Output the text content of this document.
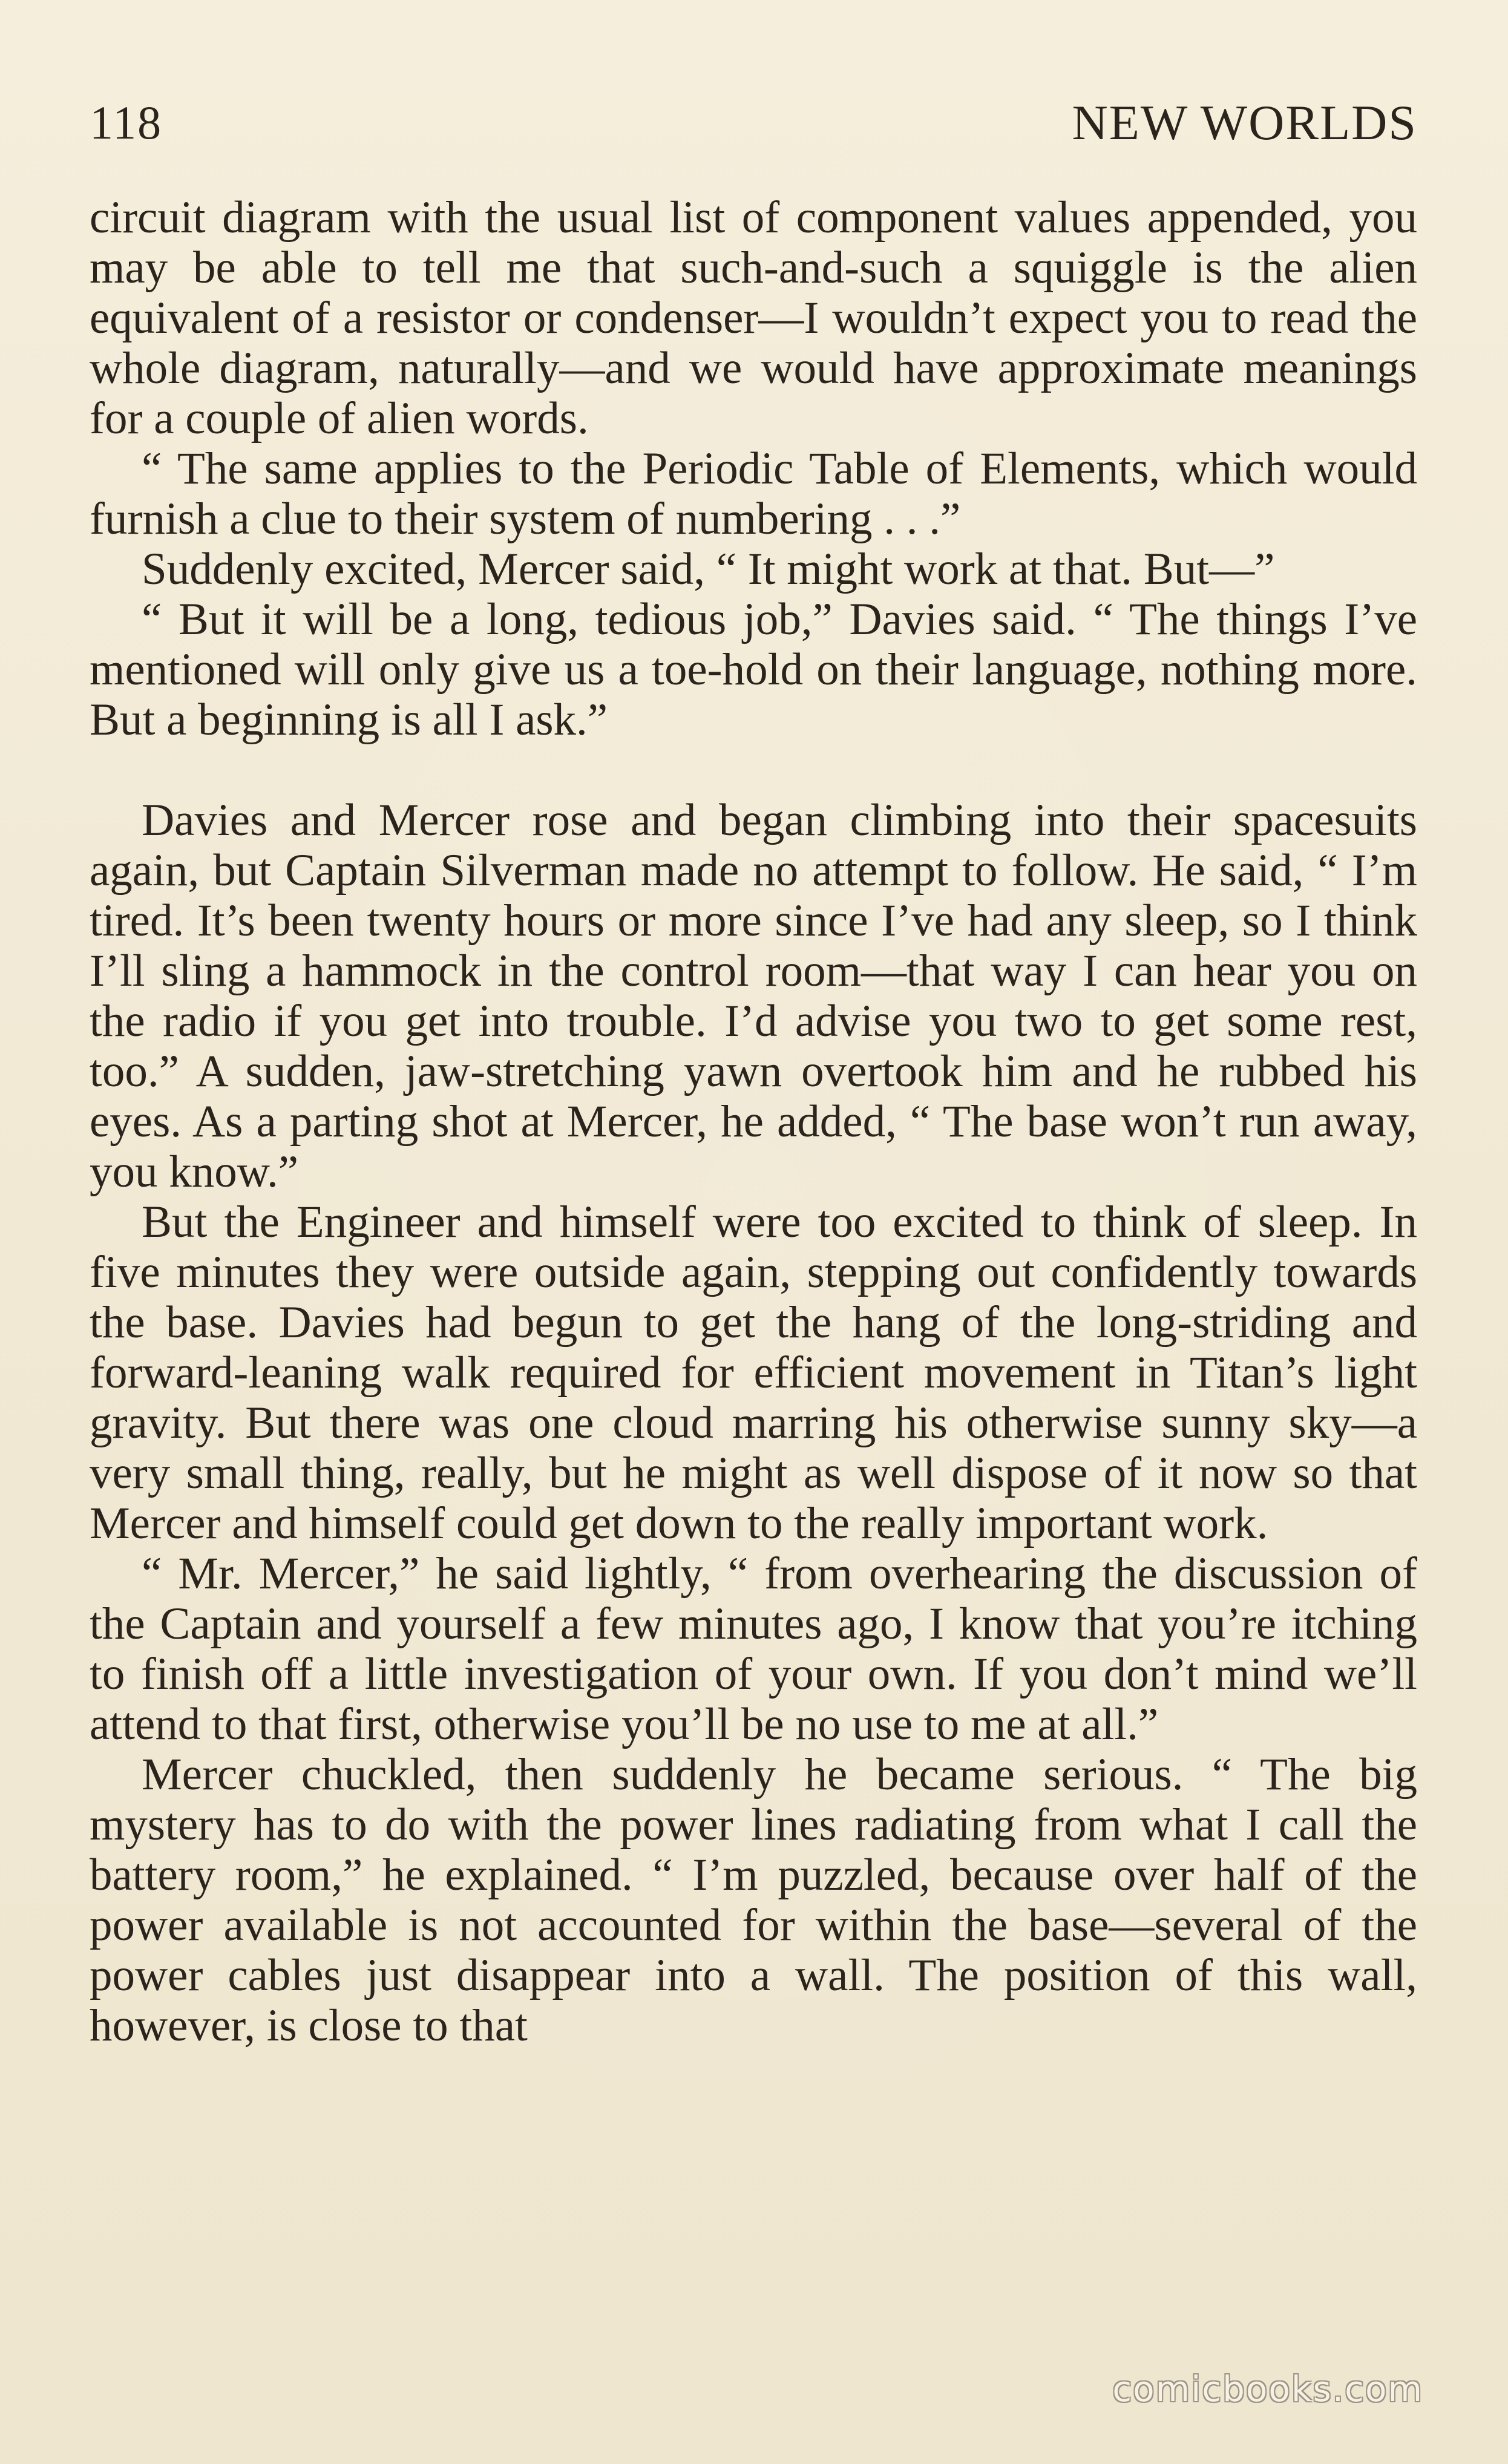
118	NEW WORLDS

circuit diagram with the usual list of component values appended, you may be able to tell me that such-and-such a squiggle is the alien equivalent of a resistor or condenser—I wouldn’t expect you to read the whole diagram, naturally—and we would have approximate meanings for a couple of alien words.

“ The same applies to the Periodic Table of Elements, which would furnish a clue to their system of numbering . . .”

Suddenly excited, Mercer said, “ It might work at that. But—”

“ But it will be a long, tedious job,” Davies said. “ The things I’ve mentioned will only give us a toe-hold on their language, nothing more. But a beginning is all I ask.”

Davies and Mercer rose and began climbing into their spacesuits again, but Captain Silverman made no attempt to follow. He said, “ I’m tired. It’s been twenty hours or more since I’ve had any sleep, so I think I’ll sling a hammock in the control room—that way I can hear you on the radio if you get into trouble. I’d advise you two to get some rest, too.” A sudden, jaw-stretching yawn overtook him and he rubbed his eyes. As a parting shot at Mercer, he added, “ The base won’t run away, you know.”

But the Engineer and himself were too excited to think of sleep. In five minutes they were outside again, stepping out confidently towards the base. Davies had begun to get the hang of the long-striding and forward-leaning walk required for efficient movement in Titan’s light gravity. But there was one cloud marring his otherwise sunny sky—a very small thing, really, but he might as well dispose of it now so that Mercer and himself could get down to the really important work.

“ Mr. Mercer,” he said lightly, “ from overhearing the discussion of the Captain and yourself a few minutes ago, I know that you’re itching to finish off a little investigation of your own. If you don’t mind we’ll attend to that first, otherwise you’ll be no use to me at all.”

Mercer chuckled, then suddenly he became serious. “ The big mystery has to do with the power lines radiating from what I call the battery room,” he explained. “ I’m puzzled, because over half of the power available is not accounted for within the base—several of the power cables just disappear into a wall. The position of this wall, however, is close to that

comicbooks.com
